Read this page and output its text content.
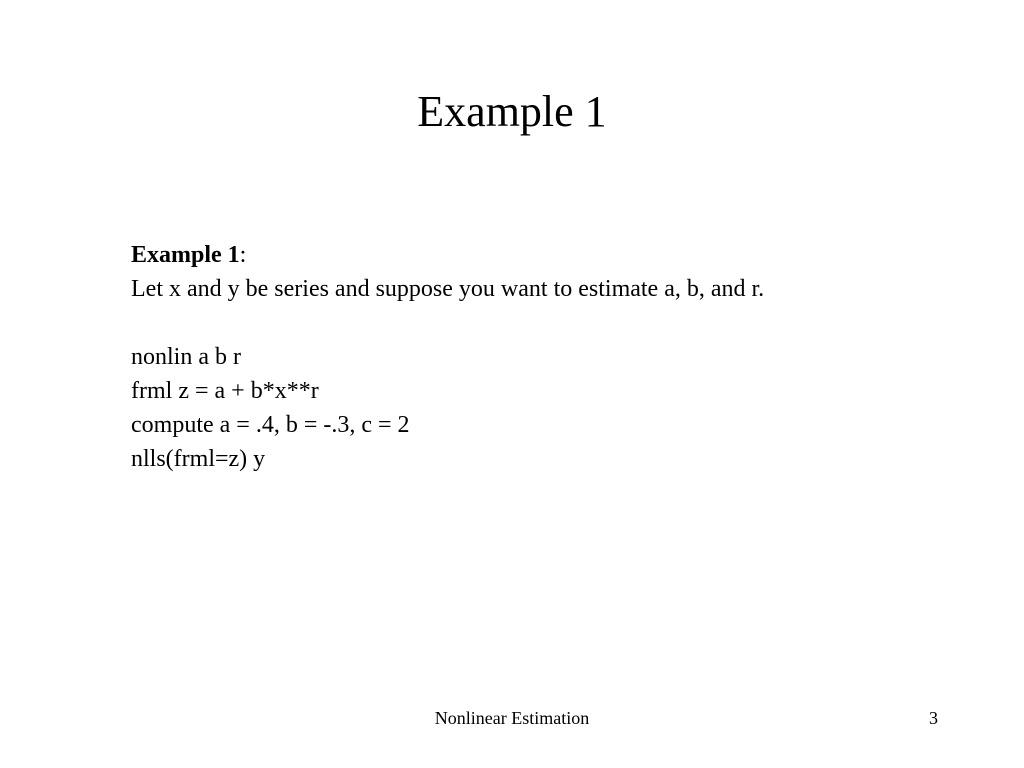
Example 1
Example 1:
Let x and y be series and suppose you want to estimate a, b, and r.
nonlin a b r
frml z = a + b*x**r
compute a = .4, b = -.3, c = 2
nlls(frml=z) y
Nonlinear Estimation	3
